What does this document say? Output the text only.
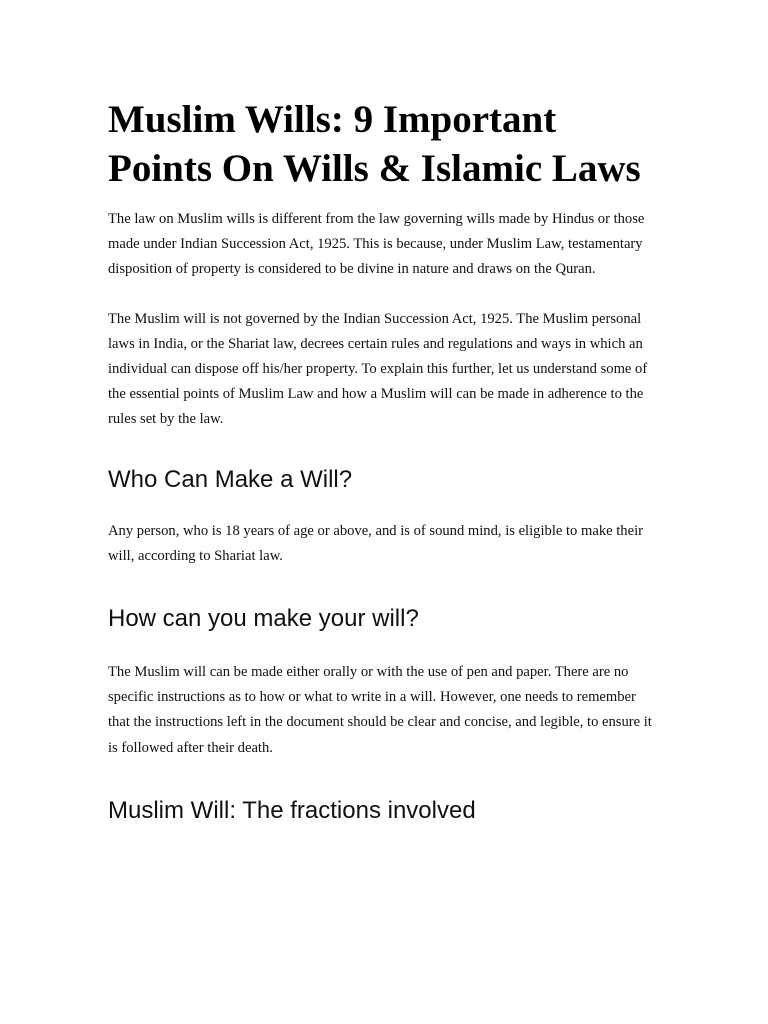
Muslim Wills: 9 Important Points On Wills & Islamic Laws

The law on Muslim wills is different from the law governing wills made by Hindus or those made under Indian Succession Act, 1925. This is because, under Muslim Law, testamentary disposition of property is considered to be divine in nature and draws on the Quran.

The Muslim will is not governed by the Indian Succession Act, 1925. The Muslim personal laws in India, or the Shariat law, decrees certain rules and regulations and ways in which an individual can dispose off his/her property. To explain this further, let us understand some of the essential points of Muslim Law and how a Muslim will can be made in adherence to the rules set by the law.

Who Can Make a Will?

Any person, who is 18 years of age or above, and is of sound mind, is eligible to make their will, according to Shariat law.

How can you make your will?

The Muslim will can be made either orally or with the use of pen and paper. There are no specific instructions as to how or what to write in a will. However, one needs to remember that the instructions left in the document should be clear and concise, and legible, to ensure it is followed after their death.

Muslim Will: The fractions involved
